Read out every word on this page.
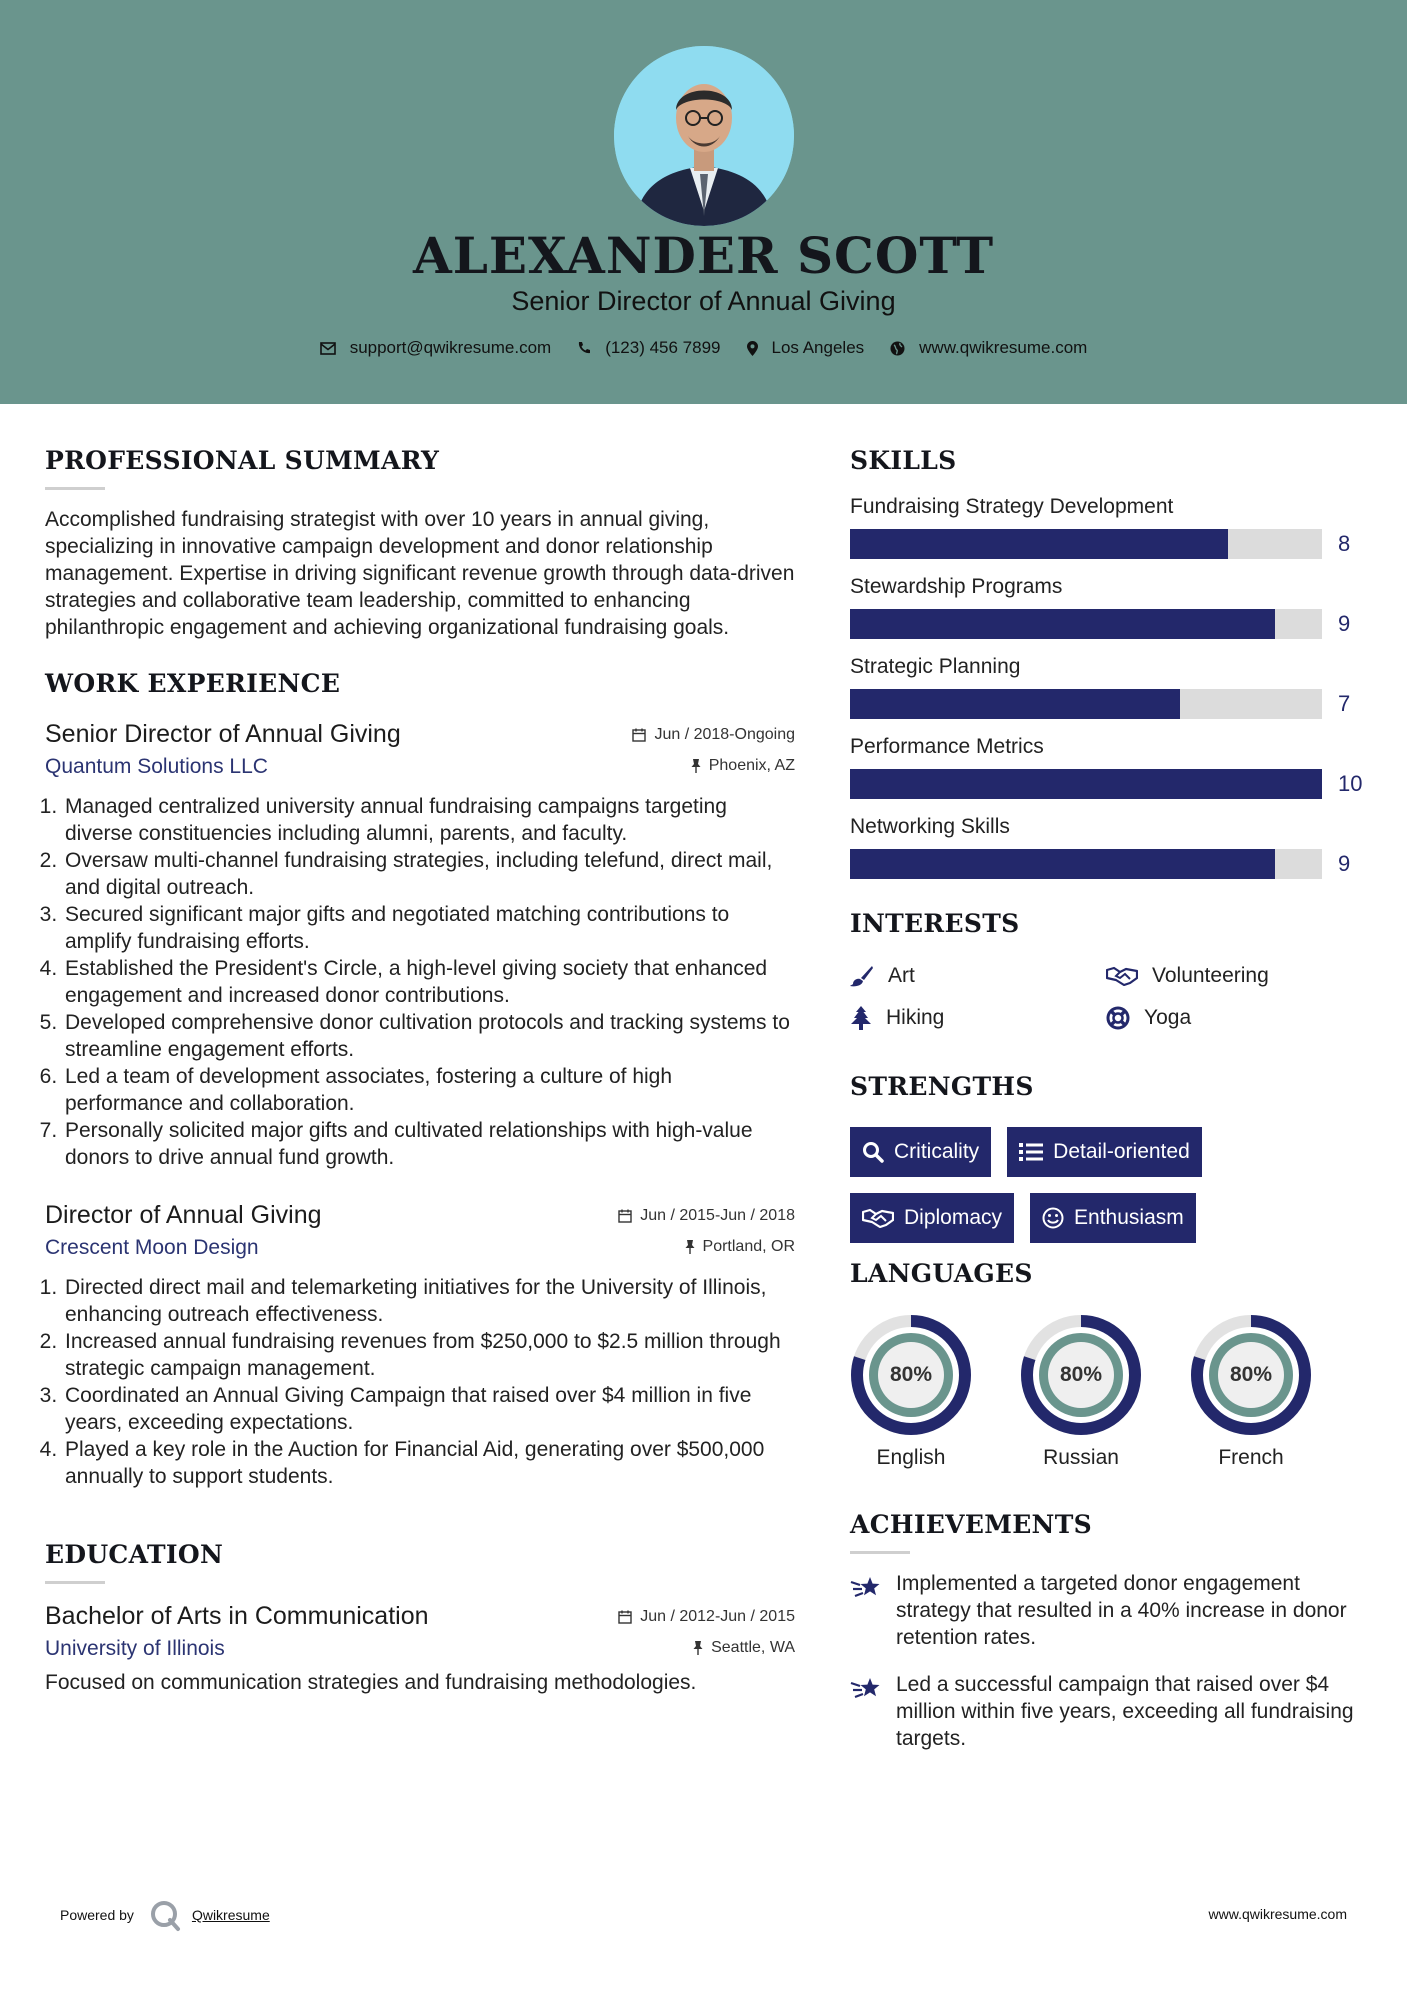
ALEXANDER SCOTT
Senior Director of Annual Giving
support@qwikresume.com	(123) 456 7899	Los Angeles	www.qwikresume.com
PROFESSIONAL SUMMARY
Accomplished fundraising strategist with over 10 years in annual giving, specializing in innovative campaign development and donor relationship management. Expertise in driving significant revenue growth through data-driven strategies and collaborative team leadership, committed to enhancing philanthropic engagement and achieving organizational fundraising goals.
WORK EXPERIENCE
Senior Director of Annual Giving	Jun / 2018-Ongoing
Quantum Solutions LLC	Phoenix, AZ
1. Managed centralized university annual fundraising campaigns targeting diverse constituencies including alumni, parents, and faculty.
2. Oversaw multi-channel fundraising strategies, including telefund, direct mail, and digital outreach.
3. Secured significant major gifts and negotiated matching contributions to amplify fundraising efforts.
4. Established the President's Circle, a high-level giving society that enhanced engagement and increased donor contributions.
5. Developed comprehensive donor cultivation protocols and tracking systems to streamline engagement efforts.
6. Led a team of development associates, fostering a culture of high performance and collaboration.
7. Personally solicited major gifts and cultivated relationships with high-value donors to drive annual fund growth.
Director of Annual Giving	Jun / 2015-Jun / 2018
Crescent Moon Design	Portland, OR
1. Directed direct mail and telemarketing initiatives for the University of Illinois, enhancing outreach effectiveness.
2. Increased annual fundraising revenues from $250,000 to $2.5 million through strategic campaign management.
3. Coordinated an Annual Giving Campaign that raised over $4 million in five years, exceeding expectations.
4. Played a key role in the Auction for Financial Aid, generating over $500,000 annually to support students.
EDUCATION
Bachelor of Arts in Communication	Jun / 2012-Jun / 2015
University of Illinois	Seattle, WA
Focused on communication strategies and fundraising methodologies.
SKILLS
Fundraising Strategy Development
8
Stewardship Programs
9
Strategic Planning
7
Performance Metrics
10
Networking Skills
9
INTERESTS
Art	Volunteering
Hiking	Yoga
STRENGTHS
Criticality	Detail-oriented
Diplomacy	Enthusiasm
LANGUAGES
80%
English
80%
Russian
80%
French
ACHIEVEMENTS
Implemented a targeted donor engagement strategy that resulted in a 40% increase in donor retention rates.
Led a successful campaign that raised over $4 million within five years, exceeding all fundraising targets.
Powered by	Qwikresume	www.qwikresume.com
